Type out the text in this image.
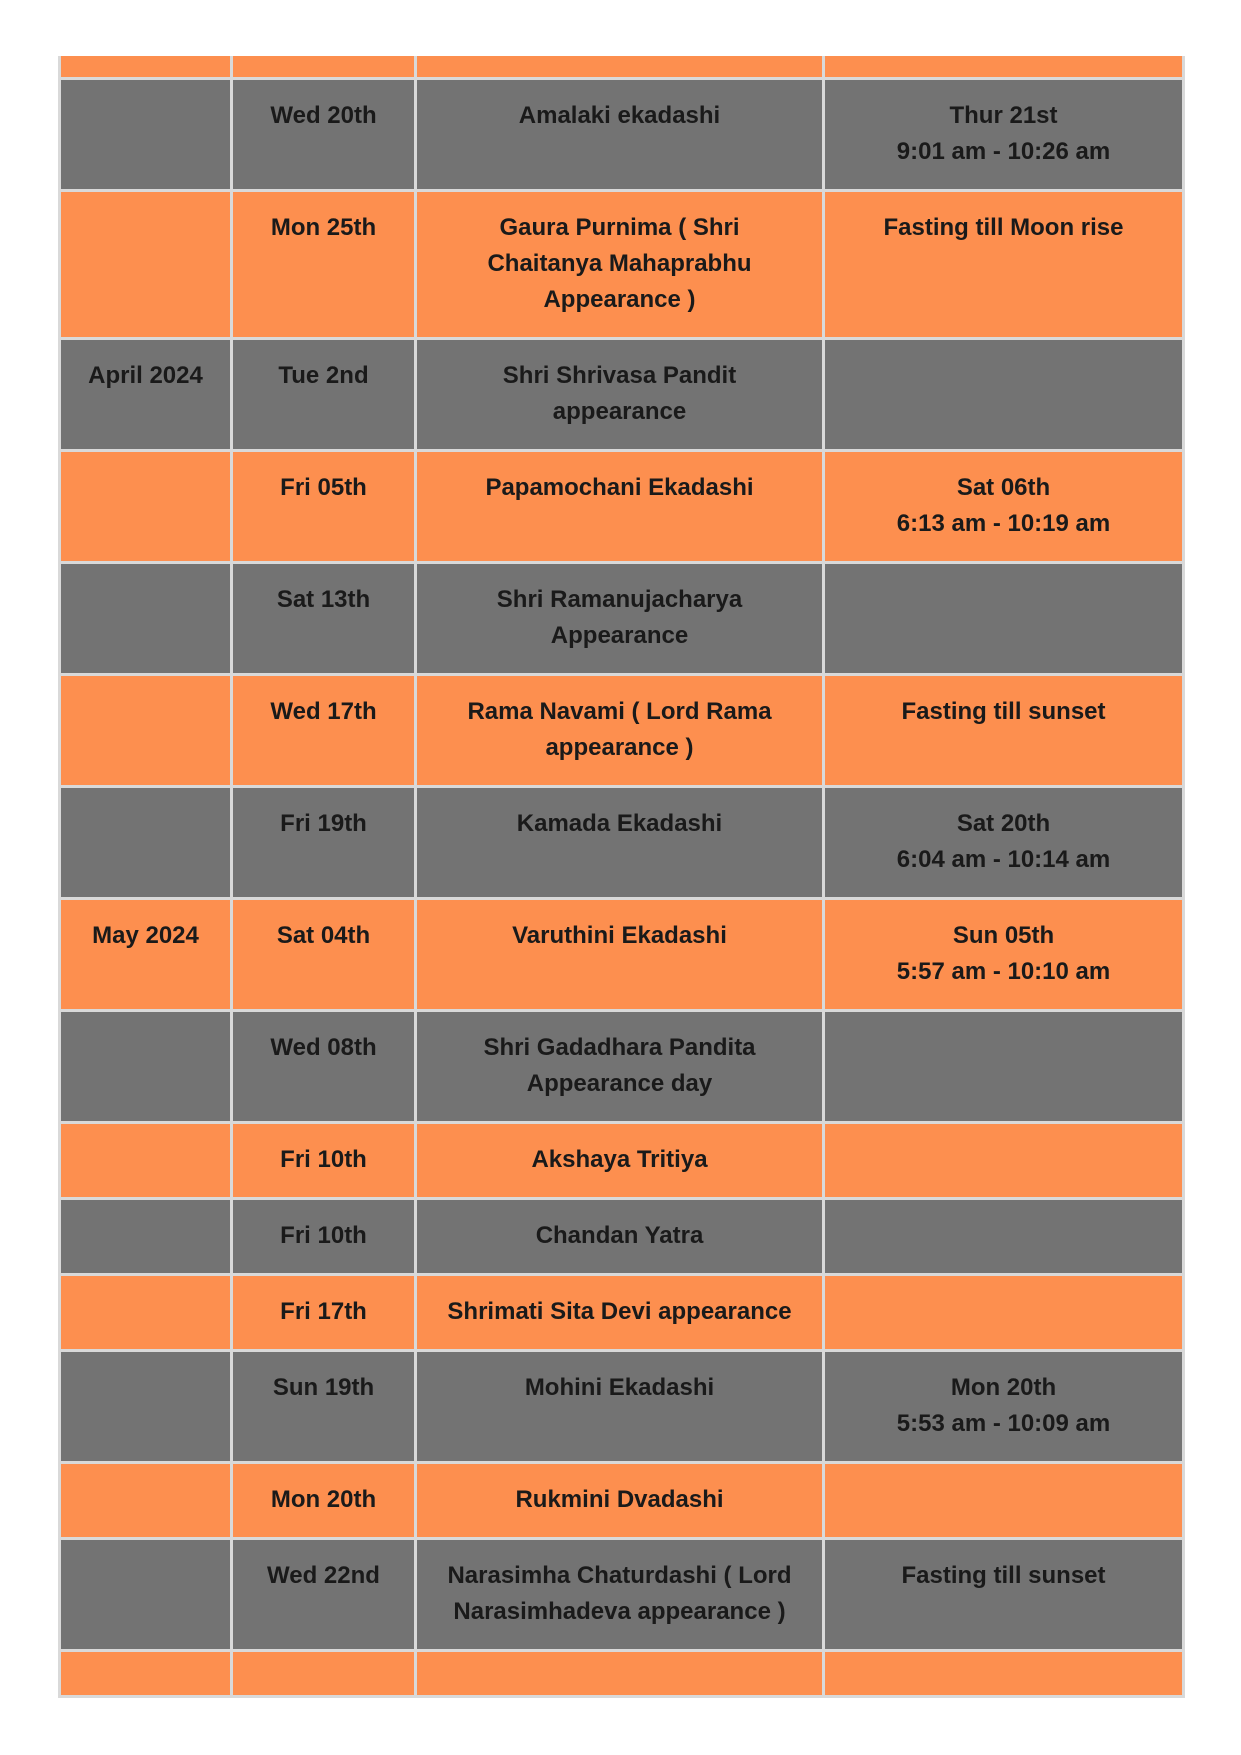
	Wed 20th	Amalaki ekadashi	Thur 21st
9:01 am - 10:26 am

	Mon 25th	Gaura Purnima ( Shri
Chaitanya Mahaprabhu
Appearance )	Fasting till Moon rise

April 2024	Tue 2nd	Shri Shrivasa Pandit
appearance	

	Fri 05th	Papamochani Ekadashi	Sat 06th
6:13 am - 10:19 am

	Sat 13th	Shri Ramanujacharya
Appearance	

	Wed 17th	Rama Navami ( Lord Rama
appearance )	Fasting till sunset

	Fri 19th	Kamada Ekadashi	Sat 20th
6:04 am - 10:14 am

May 2024	Sat 04th	Varuthini Ekadashi	Sun 05th
5:57 am - 10:10 am

	Wed 08th	Shri Gadadhara Pandita
Appearance day	

	Fri 10th	Akshaya Tritiya	

	Fri 10th	Chandan Yatra	

	Fri 17th	Shrimati Sita Devi appearance	

	Sun 19th	Mohini Ekadashi	Mon 20th
5:53 am - 10:09 am

	Mon 20th	Rukmini Dvadashi	

	Wed 22nd	Narasimha Chaturdashi ( Lord
Narasimhadeva appearance )	Fasting till sunset
